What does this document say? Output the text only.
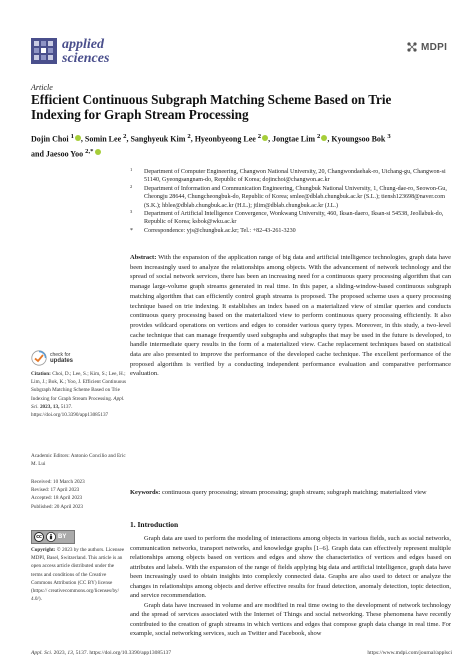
applied
sciences
MDPI
Article
Efficient Continuous Subgraph Matching Scheme Based on Trie Indexing for Graph Stream Processing
Dojin Choi $^1$ , Somin Lee $^2$, Sanghyeuk Kim $^2$, Hyeonbyeong Lee $^2$ , Jongtae Lim $^2$ , Kyoungsoo Bok $^3$
and Jaesoo Yoo $^{2,*}$
1 Department of Computer Engineering, Changwon National University, 20, Changwondaehak-ro, Uichang-gu, Changwon-si 51140, Gyeongsangnam-do, Republic of Korea; dojinchoi@changwon.ac.kr
2 Department of Information and Communication Engineering, Chungbuk National University, 1, Chung-dae-ro, Seowon-Gu, Cheongju 28644, Chungcheongbuk-do, Republic of Korea; smlee@dblab.chungbuk.ac.kr (S.L.); tiensh123698@naver.com (S.K.); hblee@dblab.chungbuk.ac.kr (H.L.); jtlim@dblab.chungbuk.ac.kr (J.L.)
3 Department of Artificial Intelligence Convergence, Wonkwang University, 460, Iksan-daero, Iksan-si 54538, Jeollabuk-do, Republic of Korea; ksbok@wku.ac.kr
* Correspondence: yjs@chungbuk.ac.kr; Tel.: +82-43-261-3230
Abstract: With the expansion of the application range of big data and artificial intelligence technologies, graph data have been increasingly used to analyze the relationships among objects. With the advancement of network technology and the spread of social network services, there has been an increasing need for a continuous query processing algorithm that can manage large-volume graph streams generated in real time. In this paper, a sliding-window-based continuous subgraph matching algorithm that can efficiently control graph streams is proposed. The proposed scheme uses a query processing technique based on trie indexing. It establishes an index based on a materialized view of similar queries and conducts continuous query processing based on the materialized view to perform continuous query processing efficiently. It also provides wildcard operations on vertices and edges to consider various query types. Moreover, in this study, a two-level cache technique that can manage frequently used subgraphs and subgraphs that may be used in the future is developed, to handle intermediate query results in the form of a materialized view. Cache replacement techniques based on statistical data are also presented to improve the performance of the developed cache technique. The excellent performance of the proposed algorithm is verified by a conducting independent performance evaluation and comparative performance evaluation.
check for
updates
Citation: Choi, D.; Lee, S.; Kim, S.; Lee, H.; Lim, J.; Bok, K.; Yoo, J. Efficient Continuous Subgraph Matching Scheme Based on Trie Indexing for Graph Stream Processing. Appl. Sci. 2023, 13, 5137. https://doi.org/10.3390/app13085137
Academic Editors: Antonio Concilio and Eric M. Lui
Received: 10 March 2023
Revised: 17 April 2023
Accepted: 18 April 2023
Published: 20 April 2023
cc	BY
Copyright: © 2023 by the authors. Licensee MDPI, Basel, Switzerland. This article is an open access article distributed under the terms and conditions of the Creative Commons Attribution (CC BY) license (https:// creativecommons.org/licenses/by/ 4.0/).
Keywords: continuous query processing; stream processing; graph stream; subgraph matching; materialized view
1. Introduction

Graph data are used to perform the modeling of interactions among objects in various fields, such as social networks, communication networks, transport networks, and knowledge graphs [1–6]. Graph data can effectively represent multiple relationships among objects based on vertices and edges and show the characteristics of vertices and edges based on attributes and labels. With the expansion of the range of fields applying big data and artificial intelligence, graph data have been increasingly used to obtain insights into complexly connected data. Graphs are also used to detect or analyze the changes in relationships among objects and derive effective results for fraud detection, anomaly detection, topic detection, and service recommendation.

Graph data have increased in volume and are modified in real time owing to the development of network technology and the spread of services associated with the Internet of Things and social networking. These phenomena have recently contributed to the creation of graph streams in which vertices and edges that compose graph data change in real time. For example, social networking services, such as Twitter and Facebook, show

Appl. Sci. 2023, 13, 5137. https://doi.org/10.3390/app13085137	https://www.mdpi.com/journal/applsci
